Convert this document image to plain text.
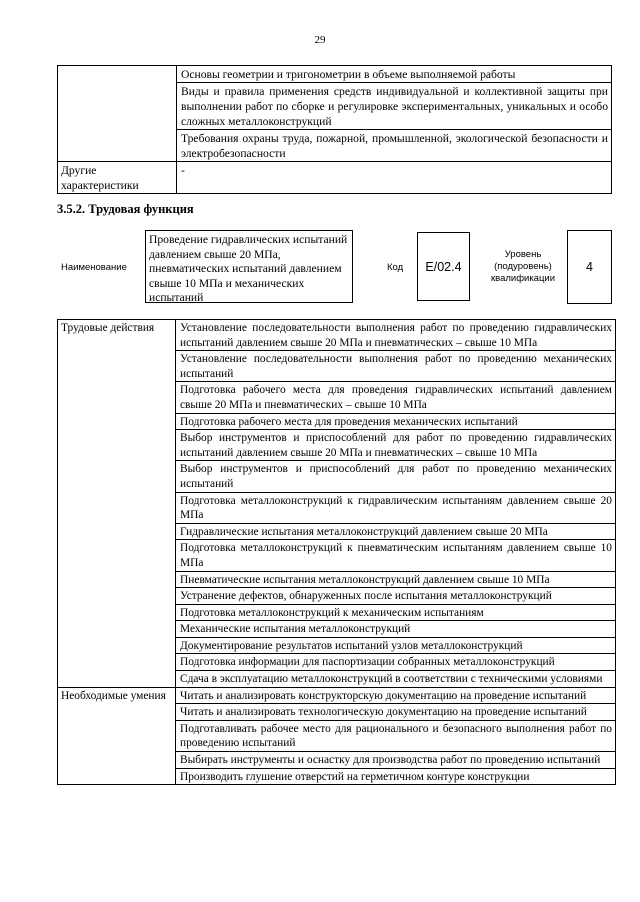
29
	Основы геометрии и тригонометрии в объеме выполняемой работы
	Виды и правила применения средств индивидуальной и коллективной защиты при выполнении работ по сборке и регулировке экспериментальных, уникальных и особо сложных металлоконструкций
	Требования охраны труда, пожарной, промышленной, экологической безопасности и электробезопасности
Другие характеристики	-
3.5.2. Трудовая функция
Наименование
Проведение гидравлических испытаний давлением свыше 20 МПа, пневматических испытаний давлением свыше 10 МПа и механических испытаний
Код	E/02.4
Уровень (подуровень) квалификации
4
Трудовые действия	Установление последовательности выполнения работ по проведению гидравлических испытаний давлением свыше 20 МПа и пневматических – свыше 10 МПа
	Установление последовательности выполнения работ по проведению механических испытаний
	Подготовка рабочего места для проведения гидравлических испытаний давлением свыше 20 МПа и пневматических – свыше 10 МПа
	Подготовка рабочего места для проведения механических испытаний
	Выбор инструментов и приспособлений для работ по проведению гидравлических испытаний давлением свыше 20 МПа и пневматических – свыше 10 МПа
	Выбор инструментов и приспособлений для работ по проведению механических испытаний
	Подготовка металлоконструкций к гидравлическим испытаниям давлением свыше 20 МПа
	Гидравлические испытания металлоконструкций давлением свыше 20 МПа
	Подготовка металлоконструкций к пневматическим испытаниям давлением свыше 10 МПа
	Пневматические испытания металлоконструкций давлением свыше 10 МПа
	Устранение дефектов, обнаруженных после испытания металлоконструкций
	Подготовка металлоконструкций к механическим испытаниям
	Механические испытания металлоконструкций
	Документирование результатов испытаний узлов металлоконструкций
	Подготовка информации для паспортизации собранных металлоконструкций
	Сдача в эксплуатацию металлоконструкций в соответствии с техническими условиями
Необходимые умения	Читать и анализировать конструкторскую документацию на проведение испытаний
	Читать и анализировать технологическую документацию на проведение испытаний
	Подготавливать рабочее место для рационального и безопасного выполнения работ по проведению испытаний
	Выбирать инструменты и оснастку для производства работ по проведению испытаний
	Производить глушение отверстий на герметичном контуре конструкции
